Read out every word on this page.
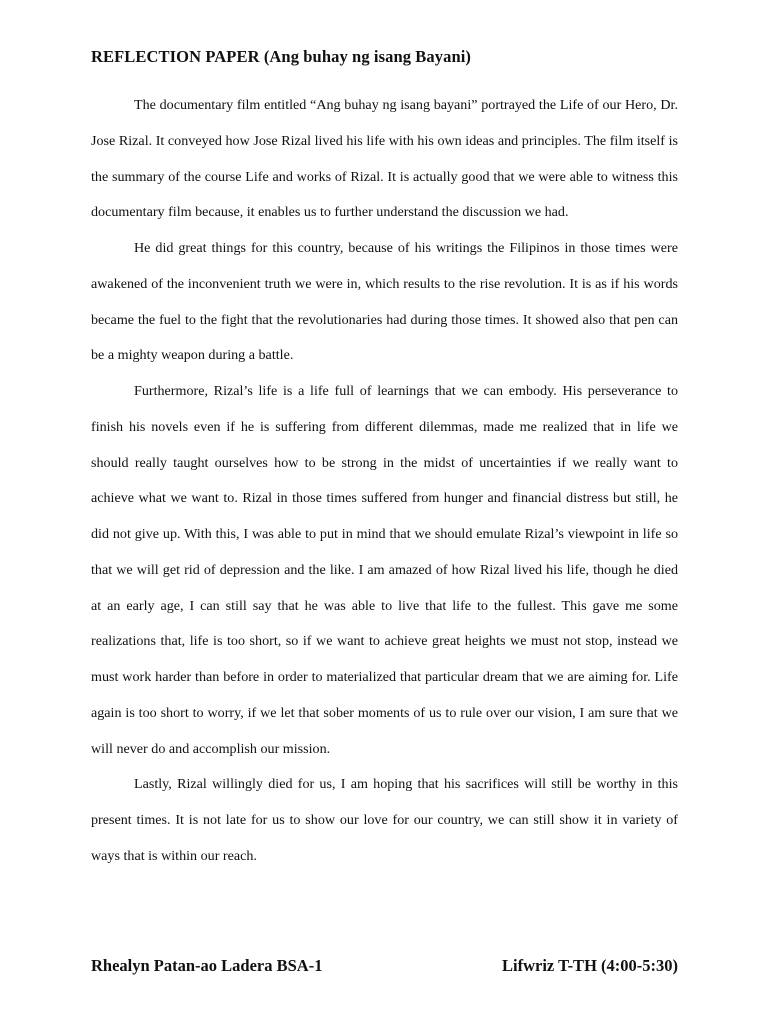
REFLECTION PAPER (Ang buhay ng isang Bayani)

The documentary film entitled “Ang buhay ng isang bayani” portrayed the Life of our Hero, Dr. Jose Rizal. It conveyed how Jose Rizal lived his life with his own ideas and principles. The film itself is the summary of the course Life and works of Rizal. It is actually good that we were able to witness this documentary film because, it enables us to further understand the discussion we had.

He did great things for this country, because of his writings the Filipinos in those times were awakened of the inconvenient truth we were in, which results to the rise revolution. It is as if his words became the fuel to the fight that the revolutionaries had during those times. It showed also that pen can be a mighty weapon during a battle.

Furthermore, Rizal’s life is a life full of learnings that we can embody. His perseverance to finish his novels even if he is suffering from different dilemmas, made me realized that in life we should really taught ourselves how to be strong in the midst of uncertainties if we really want to achieve what we want to. Rizal in those times suffered from hunger and financial distress but still, he did not give up. With this, I was able to put in mind that we should emulate Rizal’s viewpoint in life so that we will get rid of depression and the like. I am amazed of how Rizal lived his life, though he died at an early age, I can still say that he was able to live that life to the fullest. This gave me some realizations that, life is too short, so if we want to achieve great heights we must not stop, instead we must work harder than before in order to materialized that particular dream that we are aiming for. Life again is too short to worry, if we let that sober moments of us to rule over our vision, I am sure that we will never do and accomplish our mission.

Lastly, Rizal willingly died for us, I am hoping that his sacrifices will still be worthy in this present times. It is not late for us to show our love for our country, we can still show it in variety of ways that is within our reach.

Rhealyn Patan-ao Ladera BSA-1	Lifwriz T-TH (4:00-5:30)
